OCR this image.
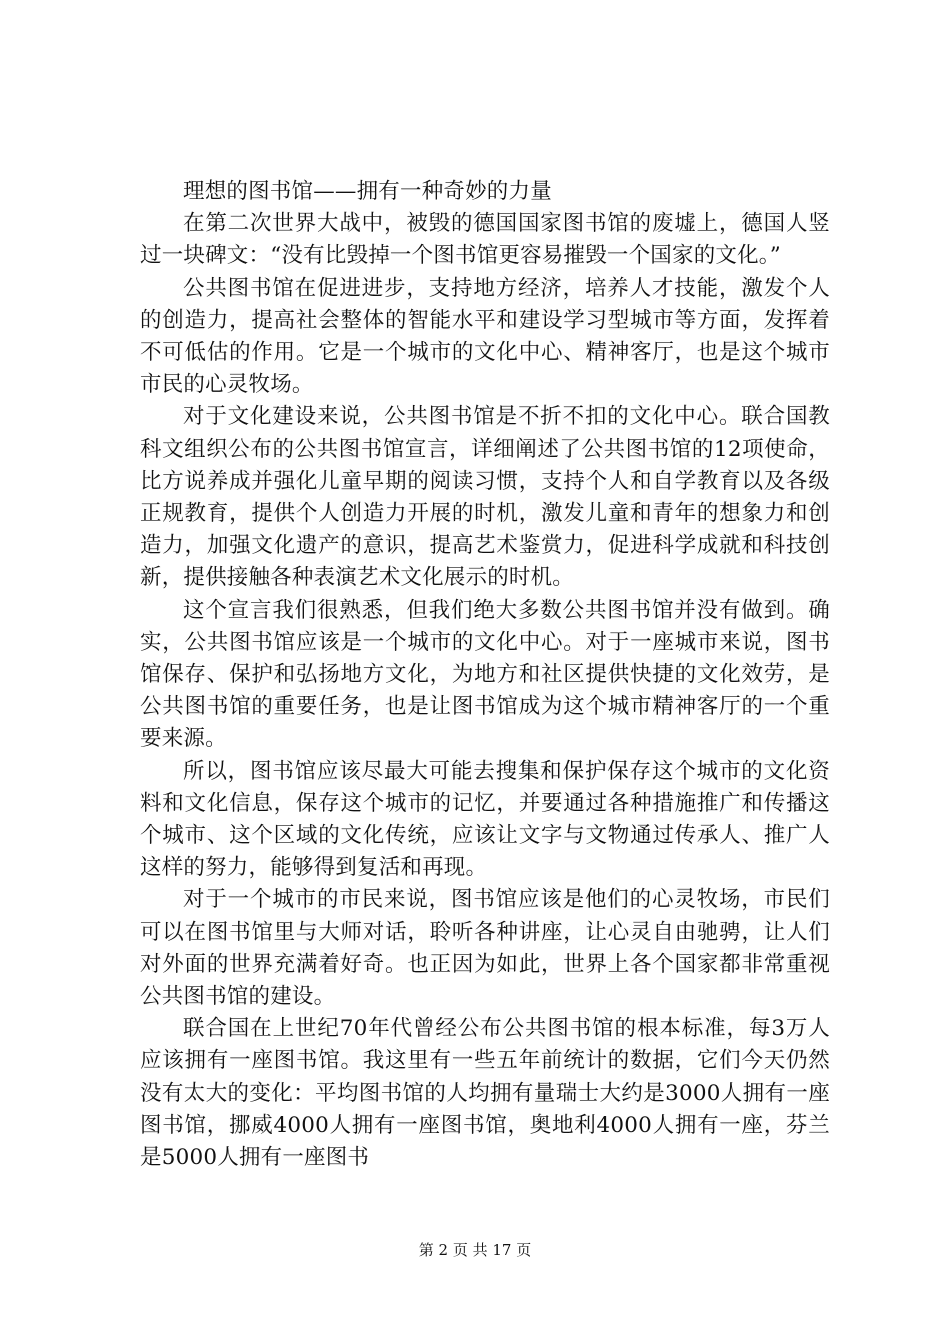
理想的图书馆——拥有一种奇妙的力量

在第二次世界大战中，被毁的德国国家图书馆的废墟上，德国人竖过一块碑文：“没有比毁掉一个图书馆更容易摧毁一个国家的文化。”

公共图书馆在促进进步，支持地方经济，培养人才技能，激发个人的创造力，提高社会整体的智能水平和建设学习型城市等方面，发挥着不可低估的作用。它是一个城市的文化中心、精神客厅，也是这个城市市民的心灵牧场。

对于文化建设来说，公共图书馆是不折不扣的文化中心。联合国教科文组织公布的公共图书馆宣言，详细阐述了公共图书馆的12项使命，比方说养成并强化儿童早期的阅读习惯，支持个人和自学教育以及各级正规教育，提供个人创造力开展的时机，激发儿童和青年的想象力和创造力，加强文化遗产的意识，提高艺术鉴赏力，促进科学成就和科技创新，提供接触各种表演艺术文化展示的时机。

这个宣言我们很熟悉，但我们绝大多数公共图书馆并没有做到。确实，公共图书馆应该是一个城市的文化中心。对于一座城市来说，图书馆保存、保护和弘扬地方文化，为地方和社区提供快捷的文化效劳，是公共图书馆的重要任务，也是让图书馆成为这个城市精神客厅的一个重要来源。

所以，图书馆应该尽最大可能去搜集和保护保存这个城市的文化资料和文化信息，保存这个城市的记忆，并要通过各种措施推广和传播这个城市、这个区域的文化传统，应该让文字与文物通过传承人、推广人这样的努力，能够得到复活和再现。

对于一个城市的市民来说，图书馆应该是他们的心灵牧场，市民们可以在图书馆里与大师对话，聆听各种讲座，让心灵自由驰骋，让人们对外面的世界充满着好奇。也正因为如此，世界上各个国家都非常重视公共图书馆的建设。

联合国在上世纪70年代曾经公布公共图书馆的根本标准，每3万人应该拥有一座图书馆。我这里有一些五年前统计的数据，它们今天仍然没有太大的变化：平均图书馆的人均拥有量瑞士大约是3000人拥有一座图书馆，挪威4000人拥有一座图书馆，奥地利4000人拥有一座，芬兰是5000人拥有一座图书

第 2 页 共 17 页
